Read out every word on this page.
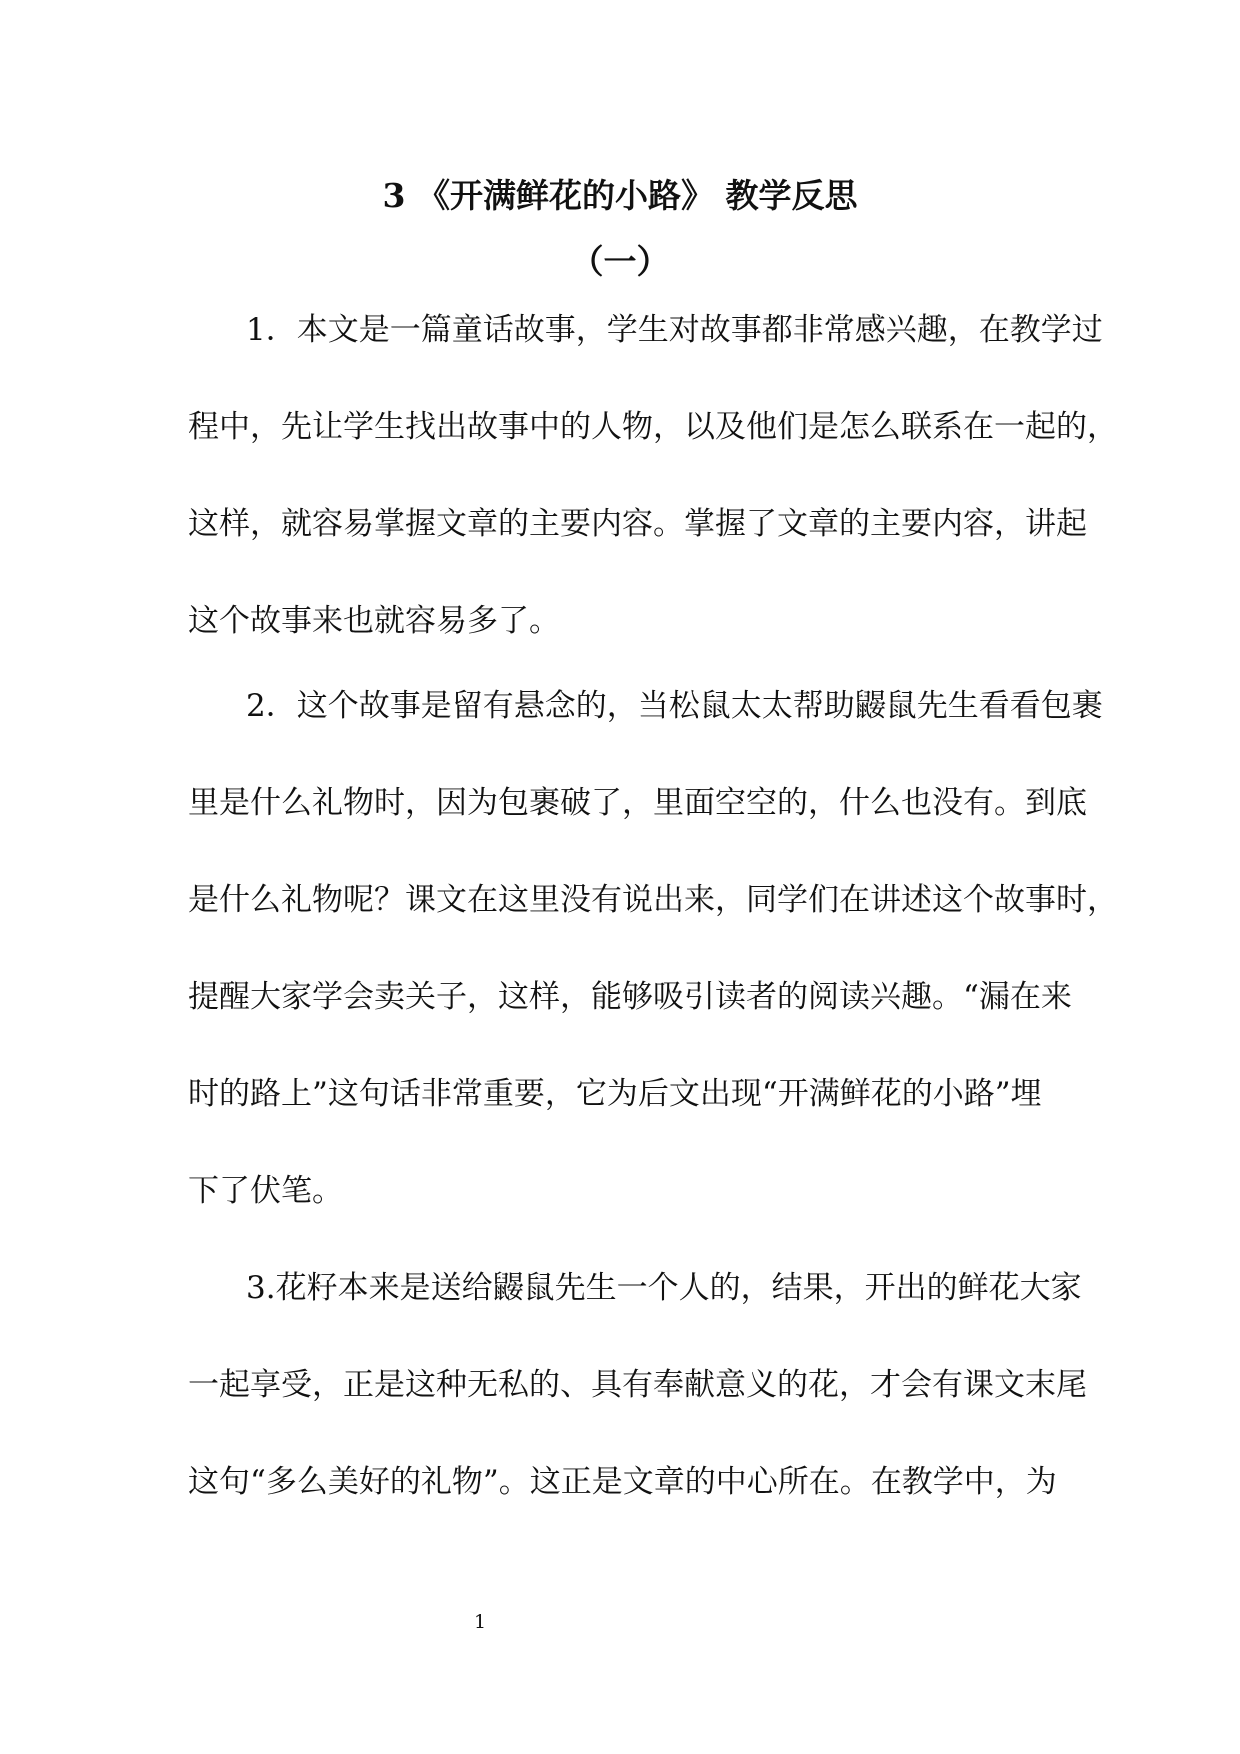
3 《开满鲜花的小路》 教学反思
（一）
1．本文是一篇童话故事，学生对故事都非常感兴趣，在教学过
程中，先让学生找出故事中的人物，以及他们是怎么联系在一起的，
这样，就容易掌握文章的主要内容。掌握了文章的主要内容，讲起
这个故事来也就容易多了。
2．这个故事是留有悬念的，当松鼠太太帮助鼹鼠先生看看包裹
里是什么礼物时，因为包裹破了，里面空空的，什么也没有。到底
是什么礼物呢？课文在这里没有说出来，同学们在讲述这个故事时，
提醒大家学会卖关子，这样，能够吸引读者的阅读兴趣。“漏在来
时的路上”这句话非常重要，它为后文出现“开满鲜花的小路”埋
下了伏笔。
3.花籽本来是送给鼹鼠先生一个人的，结果，开出的鲜花大家
一起享受，正是这种无私的、具有奉献意义的花，才会有课文末尾
这句“多么美好的礼物”。这正是文章的中心所在。在教学中，为
1
